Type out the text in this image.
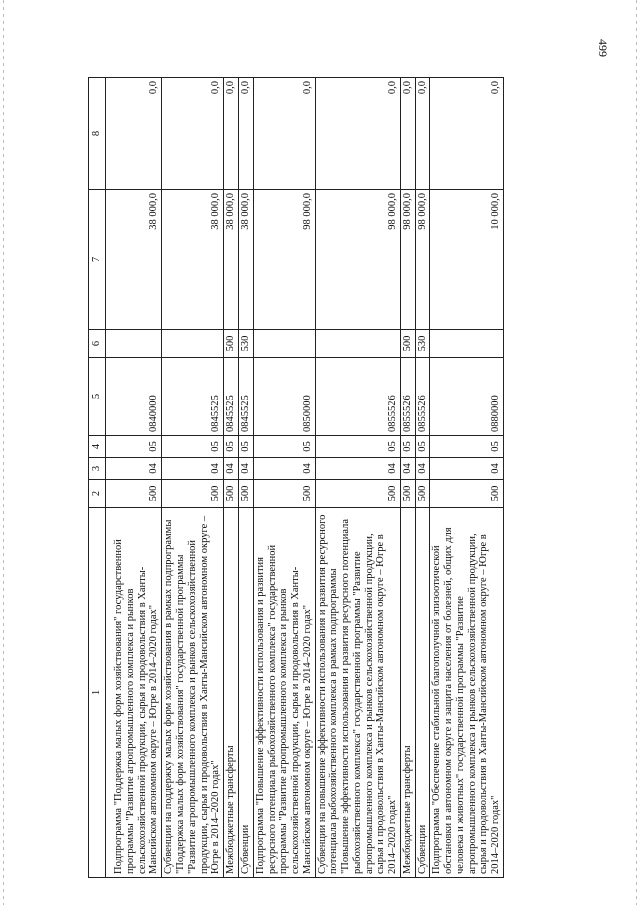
499
1	2	3	4	5	6	7	8
Подпрограмма "Поддержка малых форм хозяйствования" государственной программы "Развитие агропромышленного комплекса и рынков сельскохозяйственной продукции, сырья и продовольствия в Ханты-Мансийском автономном округе – Югре в 2014–2020 годах"	500	04	05	0840000		38 000,0	0,0
Субвенции на поддержку малых форм хозяйствования в рамках подпрограммы "Поддержка малых форм хозяйствования" государственной программы "Развитие агропромышленного комплекса и рынков сельскохозяйственной продукции, сырья и продовольствия в Ханты-Мансийском автономном округе – Югре в 2014–2020 годах"	500	04	05	0845525		38 000,0	0,0
Межбюджетные трансферты	500	04	05	0845525	500	38 000,0	0,0
Субвенции	500	04	05	0845525	530	38 000,0	0,0
Подпрограмма "Повышение эффективности использования и развития ресурсного потенциала рыбохозяйственного комплекса" государственной программы "Развитие агропромышленного комплекса и рынков сельскохозяйственной продукции, сырья и продовольствия в Ханты-Мансийском автономном округе – Югре в 2014–2020 годах"	500	04	05	0850000		98 000,0	0,0
Субвенции на повышение эффективности использования и развития ресурсного потенциала рыбохозяйственного комплекса в рамках подпрограммы "Повышение эффективности использования и развития ресурсного потенциала рыбохозяйственного комплекса" государственной программы "Развитие агропромышленного комплекса и рынков сельскохозяйственной продукции, сырья и продовольствия в Ханты-Мансийском автономном округе – Югре в 2014–2020 годах"	500	04	05	0855526		98 000,0	0,0
Межбюджетные трансферты	500	04	05	0855526	500	98 000,0	0,0
Субвенции	500	04	05	0855526	530	98 000,0	0,0
Подпрограмма "Обеспечение стабильной благополучной эпизоотической обстановки в автономном округе и защита населения от болезней, общих для человека и животных" государственной программы "Развитие агропромышленного комплекса и рынков сельскохозяйственной продукции, сырья и продовольствия в Ханты-Мансийском автономном округе – Югре в 2014–2020 годах"	500	04	05	0880000		10 000,0	0,0
